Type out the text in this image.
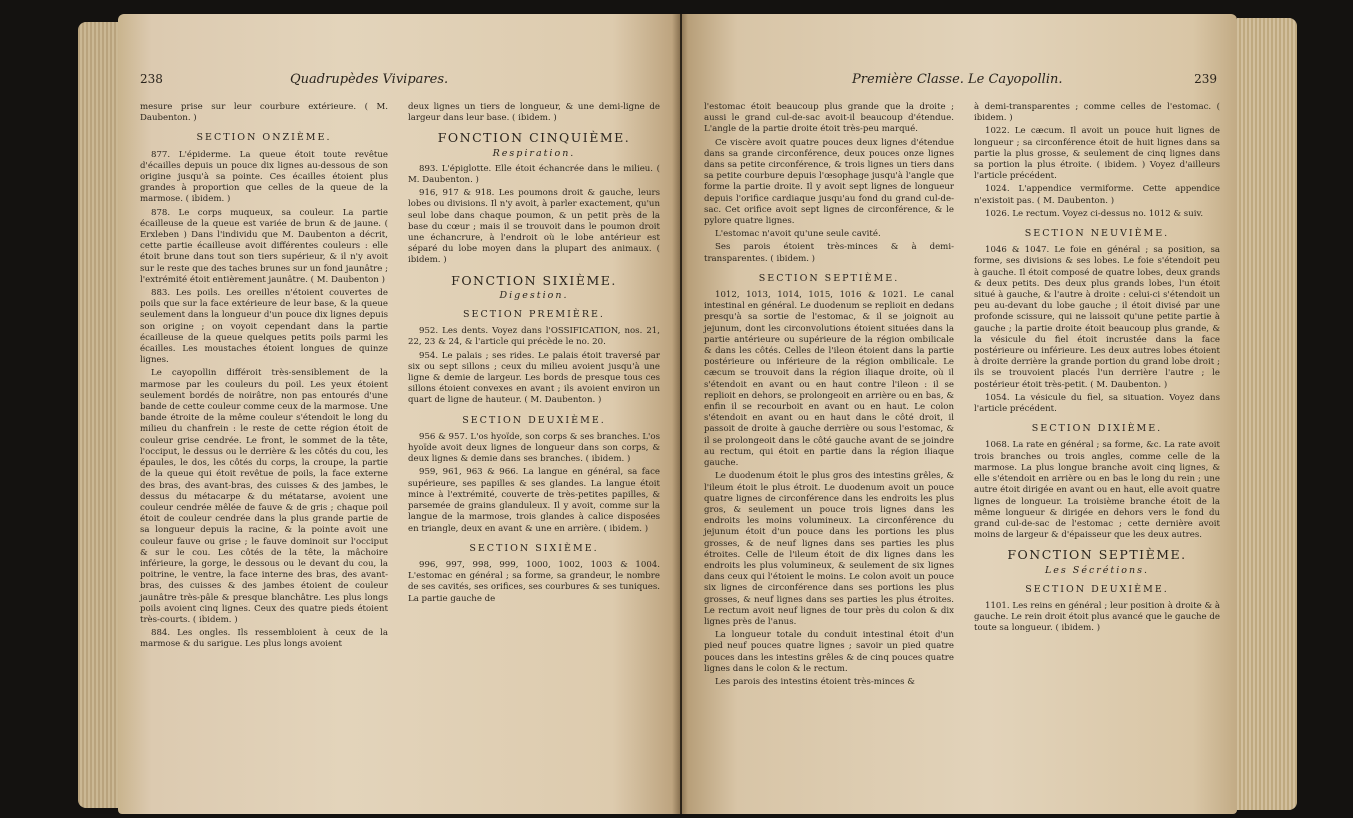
238	Quadrupèdes Vivipares.

mesure prise sur leur courbure extérieure. ( M. Daubenton. )

SECTION ONZIÈME.

877. L'épiderme. La queue étoit toute revêtue d'écailles depuis un pouce dix lignes au-dessous de son origine jusqu'à sa pointe. Ces écailles étoient plus grandes à proportion que celles de la queue de la marmose. ( ibidem. )

878. Le corps muqueux, sa couleur. La partie écailleuse de la queue est variée de brun & de jaune. ( Erxleben ) Dans l'individu que M. Daubenton a décrit, cette partie écailleuse avoit différentes couleurs : elle étoit brune dans tout son tiers supérieur, & il n'y avoit sur le reste que des taches brunes sur un fond jaunâtre ; l'extrémité étoit entièrement jaunâtre. ( M. Daubenton )

883. Les poils. Les oreilles n'étoient couvertes de poils que sur la face extérieure de leur base, & la queue seulement dans la longueur d'un pouce dix lignes depuis son origine ; on voyoit cependant dans la partie écailleuse de la queue quelques petits poils parmi les écailles. Les moustaches étoient longues de quinze lignes.

Le cayopollin différoit très-sensiblement de la marmose par les couleurs du poil. Les yeux étoient seulement bordés de noirâtre, non pas entourés d'une bande de cette couleur comme ceux de la marmose. Une bande étroite de la même couleur s'étendoit le long du milieu du chanfrein : le reste de cette région étoit de couleur grise cendrée. Le front, le sommet de la tête, l'occiput, le dessus ou le derrière & les côtés du cou, les épaules, le dos, les côtés du corps, la croupe, la partie de la queue qui étoit revêtue de poils, la face externe des bras, des avant-bras, des cuisses & des jambes, le dessus du métacarpe & du métatarse, avoient une couleur cendrée mêlée de fauve & de gris ; chaque poil étoit de couleur cendrée dans la plus grande partie de sa longueur depuis la racine, & la pointe avoit une couleur fauve ou grise ; le fauve dominoit sur l'occiput & sur le cou. Les côtés de la tête, la mâchoire inférieure, la gorge, le dessous ou le devant du cou, la poitrine, le ventre, la face interne des bras, des avant-bras, des cuisses & des jambes étoient de couleur jaunâtre très-pâle & presque blanchâtre. Les plus longs poils avoient cinq lignes. Ceux des quatre pieds étoient très-courts. ( ibidem. )

884. Les ongles. Ils ressembloient à ceux de la marmose & du sarigue. Les plus longs avoient

deux lignes un tiers de longueur, & une demi-ligne de largeur dans leur base. ( ibidem. )

FONCTION CINQUIÈME.

Respiration.

893. L'épiglotte. Elle étoit échancrée dans le milieu. ( M. Daubenton. )

916, 917 & 918. Les poumons droit & gauche, leurs lobes ou divisions. Il n'y avoit, à parler exactement, qu'un seul lobe dans chaque poumon, & un petit près de la base du cœur ; mais il se trouvoit dans le poumon droit une échancrure, à l'endroit où le lobe antérieur est séparé du lobe moyen dans la plupart des animaux. ( ibidem. )

FONCTION SIXIÈME.

Digestion.

SECTION PREMIÈRE.

952. Les dents. Voyez dans l'OSSIFICATION, nos. 21, 22, 23 & 24, & l'article qui précède le no. 20.

954. Le palais ; ses rides. Le palais étoit traversé par six ou sept sillons ; ceux du milieu avoient jusqu'à une ligne & demie de largeur. Les bords de presque tous ces sillons étoient convexes en avant ; ils avoient environ un quart de ligne de hauteur. ( M. Daubenton. )

SECTION DEUXIÈME.

956 & 957. L'os hyoïde, son corps & ses branches. L'os hyoïde avoit deux lignes de longueur dans son corps, & deux lignes & demie dans ses branches. ( ibidem. )

959, 961, 963 & 966. La langue en général, sa face supérieure, ses papilles & ses glandes. La langue étoit mince à l'extrémité, couverte de très-petites papilles, & parsemée de grains glanduleux. Il y avoit, comme sur la langue de la marmose, trois glandes à calice disposées en triangle, deux en avant & une en arrière. ( ibidem. )

SECTION SIXIÈME.

996, 997, 998, 999, 1000, 1002, 1003 & 1004. L'estomac en général ; sa forme, sa grandeur, le nombre de ses cavités, ses orifices, ses courbures & ses tuniques. La partie gauche de

Première Classe. Le Cayopollin.	239

l'estomac étoit beaucoup plus grande que la droite ; aussi le grand cul-de-sac avoit-il beaucoup d'étendue. L'angle de la partie droite étoit très-peu marqué.

Ce viscère avoit quatre pouces deux lignes d'étendue dans sa grande circonférence, deux pouces onze lignes dans sa petite circonférence, & trois lignes un tiers dans sa petite courbure depuis l'œsophage jusqu'à l'angle que forme la partie droite. Il y avoit sept lignes de longueur depuis l'orifice cardiaque jusqu'au fond du grand cul-de-sac. Cet orifice avoit sept lignes de circonférence, & le pylore quatre lignes.

L'estomac n'avoit qu'une seule cavité.

Ses parois étoient très-minces & à demi-transparentes. ( ibidem. )

SECTION SEPTIÈME.

1012, 1013, 1014, 1015, 1016 & 1021. Le canal intestinal en général. Le duodenum se replioit en dedans presqu'à sa sortie de l'estomac, & il se joignoit au jejunum, dont les circonvolutions étoient situées dans la partie antérieure ou supérieure de la région ombilicale & dans les côtés. Celles de l'ileon étoient dans la partie postérieure ou inférieure de la région ombilicale. Le cæcum se trouvoit dans la région iliaque droite, où il s'étendoit en avant ou en haut contre l'ileon : il se replioit en dehors, se prolongeoit en arrière ou en bas, & enfin il se recourboit en avant ou en haut. Le colon s'étendoit en avant ou en haut dans le côté droit, il passoit de droite à gauche derrière ou sous l'estomac, & il se prolongeoit dans le côté gauche avant de se joindre au rectum, qui étoit en partie dans la région iliaque gauche.

Le duodenum étoit le plus gros des intestins grêles, & l'ileum étoit le plus étroit. Le duodenum avoit un pouce quatre lignes de circonférence dans les endroits les plus gros, & seulement un pouce trois lignes dans les endroits les moins volumineux. La circonférence du jejunum étoit d'un pouce dans les portions les plus grosses, & de neuf lignes dans ses parties les plus étroites. Celle de l'ileum étoit de dix lignes dans les endroits les plus volumineux, & seulement de six lignes dans ceux qui l'étoient le moins. Le colon avoit un pouce six lignes de circonférence dans ses portions les plus grosses, & neuf lignes dans ses parties les plus étroites. Le rectum avoit neuf lignes de tour près du colon & dix lignes près de l'anus.

La longueur totale du conduit intestinal étoit d'un pied neuf pouces quatre lignes ; savoir un pied quatre pouces dans les intestins grêles & de cinq pouces quatre lignes dans le colon & le rectum.

Les parois des intestins étoient très-minces &

à demi-transparentes ; comme celles de l'estomac. ( ibidem. )

1022. Le cæcum. Il avoit un pouce huit lignes de longueur ; sa circonférence étoit de huit lignes dans sa partie la plus grosse, & seulement de cinq lignes dans sa portion la plus étroite. ( ibidem. ) Voyez d'ailleurs l'article précédent.

1024. L'appendice vermiforme. Cette appendice n'existoit pas. ( M. Daubenton. )

1026. Le rectum. Voyez ci-dessus no. 1012 & suiv.

SECTION NEUVIÈME.

1046 & 1047. Le foie en général ; sa position, sa forme, ses divisions & ses lobes. Le foie s'étendoit peu à gauche. Il étoit composé de quatre lobes, deux grands & deux petits. Des deux plus grands lobes, l'un étoit situé à gauche, & l'autre à droite : celui-ci s'étendoit un peu au-devant du lobe gauche ; il étoit divisé par une profonde scissure, qui ne laissoit qu'une petite partie à gauche ; la partie droite étoit beaucoup plus grande, & la vésicule du fiel étoit incrustée dans la face postérieure ou inférieure. Les deux autres lobes étoient à droite derrière la grande portion du grand lobe droit ; ils se trouvoient placés l'un derrière l'autre ; le postérieur étoit très-petit. ( M. Daubenton. )

1054. La vésicule du fiel, sa situation. Voyez dans l'article précédent.

SECTION DIXIÈME.

1068. La rate en général ; sa forme, &c. La rate avoit trois branches ou trois angles, comme celle de la marmose. La plus longue branche avoit cinq lignes, & elle s'étendoit en arrière ou en bas le long du rein ; une autre étoit dirigée en avant ou en haut, elle avoit quatre lignes de longueur. La troisième branche étoit de la même longueur & dirigée en dehors vers le fond du grand cul-de-sac de l'estomac ; cette dernière avoit moins de largeur & d'épaisseur que les deux autres.

FONCTION SEPTIÈME.

Les Sécrétions.

SECTION DEUXIÈME.

1101. Les reins en général ; leur position à droite & à gauche. Le rein droit étoit plus avancé que le gauche de toute sa longueur. ( ibidem. )
